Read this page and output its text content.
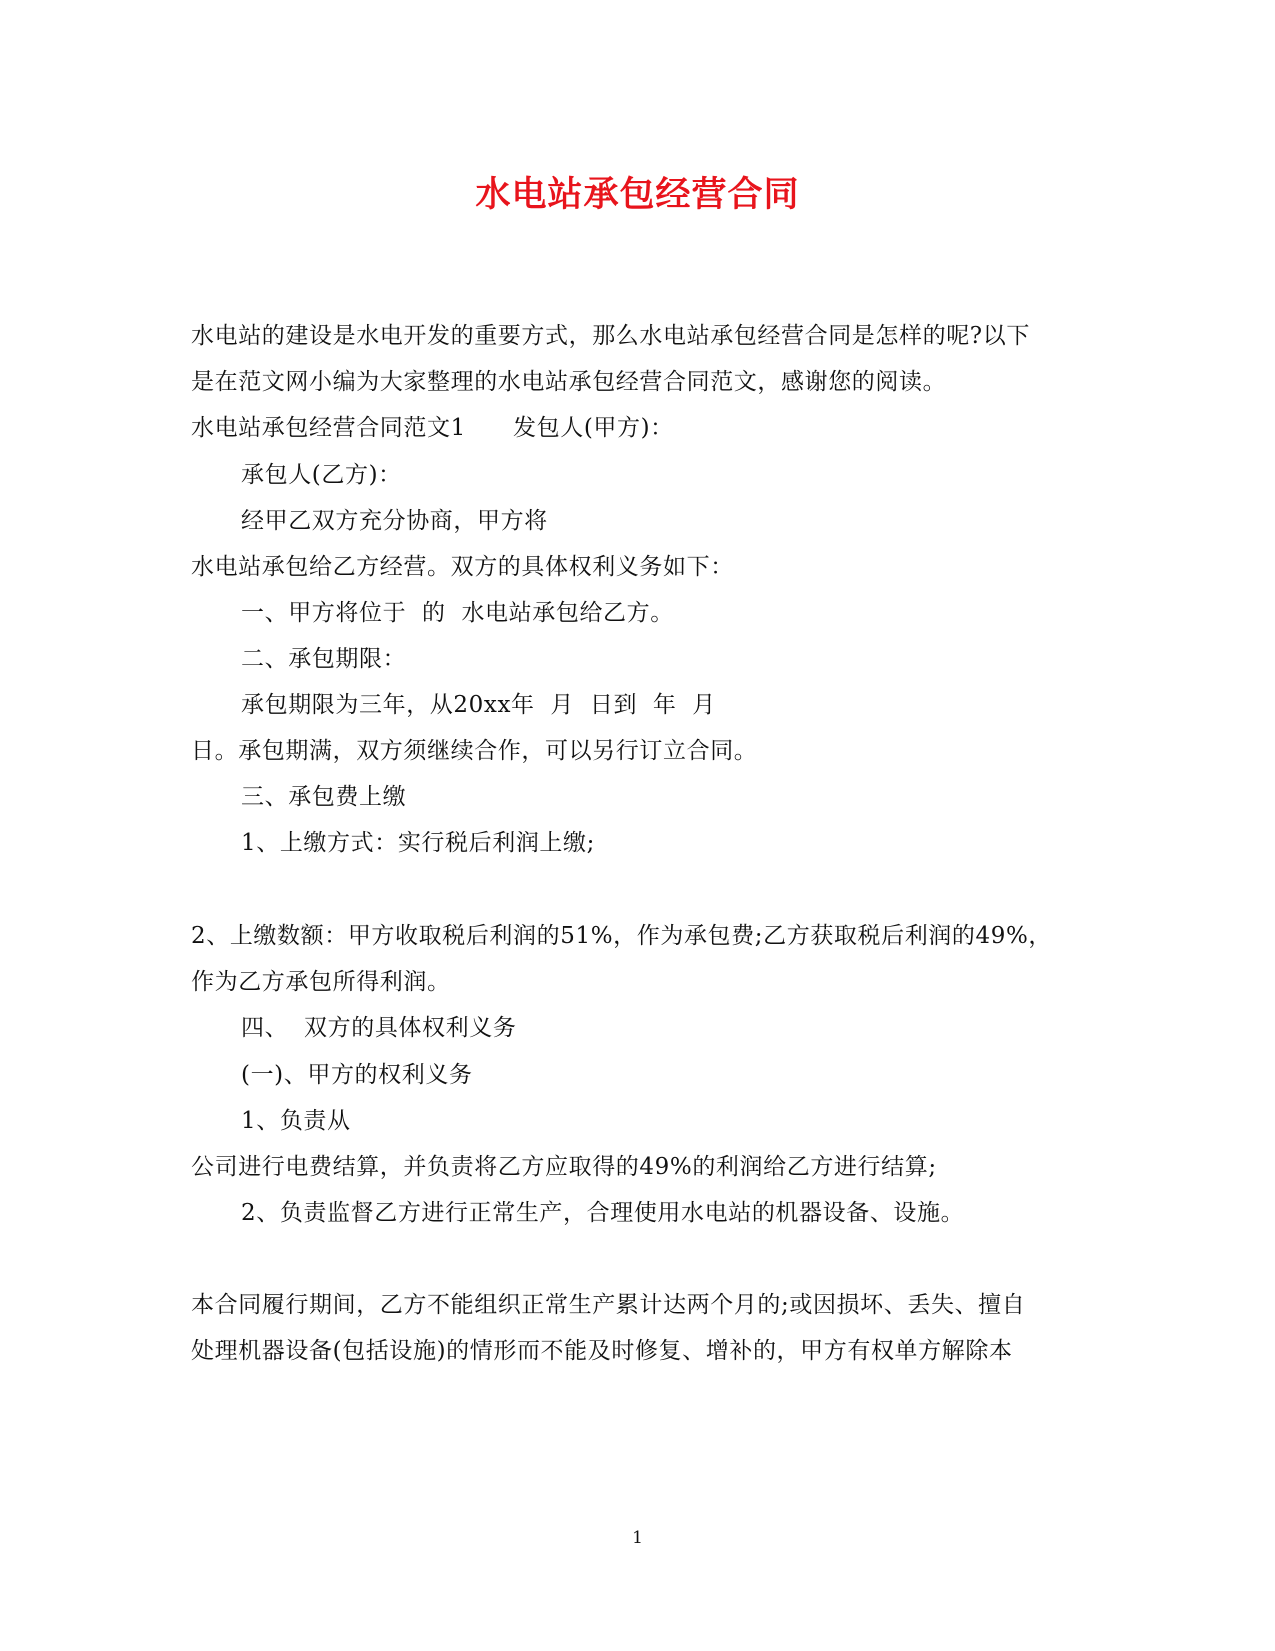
水电站承包经营合同
水电站的建设是水电开发的重要方式，那么水电站承包经营合同是怎样的呢?以下
是在范文网小编为大家整理的水电站承包经营合同范文，感谢您的阅读。
水电站承包经营合同范文1　　发包人(甲方)：
承包人(乙方)：
经甲乙双方充分协商，甲方将
水电站承包给乙方经营。双方的具体权利义务如下：
一、甲方将位于  的  水电站承包给乙方。
二、承包期限：
承包期限为三年，从20xx年  月  日到  年  月
日。承包期满，双方须继续合作，可以另行订立合同。
三、承包费上缴
1、上缴方式：实行税后利润上缴;
2、上缴数额：甲方收取税后利润的51%，作为承包费;乙方获取税后利润的49%，
作为乙方承包所得利润。
四、  双方的具体权利义务
(一)、甲方的权利义务
1、负责从
公司进行电费结算，并负责将乙方应取得的49%的利润给乙方进行结算;
2、负责监督乙方进行正常生产，合理使用水电站的机器设备、设施。
本合同履行期间，乙方不能组织正常生产累计达两个月的;或因损坏、丢失、擅自
处理机器设备(包括设施)的情形而不能及时修复、增补的，甲方有权单方解除本
1
